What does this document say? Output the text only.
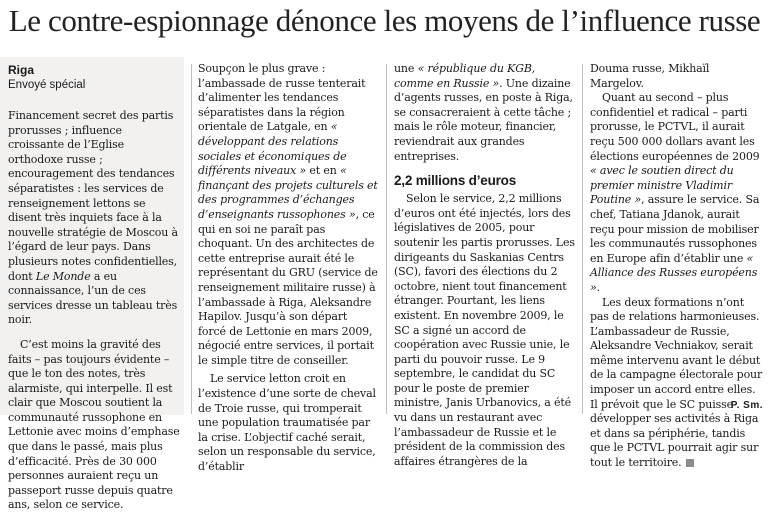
Le contre-espionnage dénonce les moyens de l’influence russe
Riga
Envoyé spécial

Financement secret des partis prorusses ; influence croissante de l’Eglise orthodoxe russe ; encouragement des tendances séparatistes : les services de renseignement lettons se disent très inquiets face à la nouvelle stratégie de Moscou à l’égard de leur pays. Dans plusieurs notes confidentielles, dont Le Monde a eu connaissance, l’un de ces services dresse un tableau très noir.

C’est moins la gravité des faits – pas toujours évidente – que le ton des notes, très alarmiste, qui interpelle. Il est clair que Moscou soutient la communauté russophone en Lettonie avec moins d’emphase que dans le passé, mais plus d’efficacité. Près de 30 000 personnes auraient reçu un passeport russe depuis quatre ans, selon ce service.

Soupçon le plus grave : l’ambassade de russe tenterait d’alimenter les tendances séparatistes dans la région orientale de Latgale, en « développant des relations sociales et économiques de différents niveaux » et en « finançant des projets culturels et des programmes d’échanges d’enseignants russophones », ce qui en soi ne paraît pas choquant. Un des architectes de cette entreprise aurait été le représentant du GRU (service de renseignement militaire russe) à l’ambassade à Riga, Aleksandre Hapilov. Jusqu’à son départ forcé de Lettonie en mars 2009, négocié entre services, il portait le simple titre de conseiller.

Le service letton croit en l’existence d’une sorte de cheval de Troie russe, qui tromperait une population traumatisée par la crise. L’objectif caché serait, selon un responsable du service, d’établir

une « république du KGB, comme en Russie ». Une dizaine d’agents russes, en poste à Riga, se consacreraient à cette tâche ; mais le rôle moteur, financier, reviendrait aux grandes entreprises.

2,2 millions d’euros

Selon le service, 2,2 millions d’euros ont été injectés, lors des législatives de 2005, pour soutenir les partis prorusses. Les dirigeants du Saskanias Centrs (SC), favori des élections du 2 octobre, nient tout financement étranger. Pourtant, les liens existent. En novembre 2009, le SC a signé un accord de coopération avec Russie unie, le parti du pouvoir russe. Le 9 septembre, le candidat du SC pour le poste de premier ministre, Janis Urbanovics, a été vu dans un restaurant avec l’ambassadeur de Russie et le président de la commission des affaires étrangères de la

Douma russe, Mikhaïl Margelov.

Quant au second – plus confidentiel et radical – parti prorusse, le PCTVL, il aurait reçu 500 000 dollars avant les élections européennes de 2009 « avec le soutien direct du premier ministre Vladimir Poutine », assure le service. Sa chef, Tatiana Jdanok, aurait reçu pour mission de mobiliser les communautés russophones en Europe afin d’établir une « Alliance des Russes européens ».

Les deux formations n’ont pas de relations harmonieuses. L’ambassadeur de Russie, Aleksandre Vechniakov, serait même intervenu avant le début de la campagne électorale pour imposer un accord entre elles. Il prévoit que le SC puisse développer ses activités à Riga et dans sa périphérie, tandis que le PCTVL pourrait agir sur tout le territoire.

P. Sm.
